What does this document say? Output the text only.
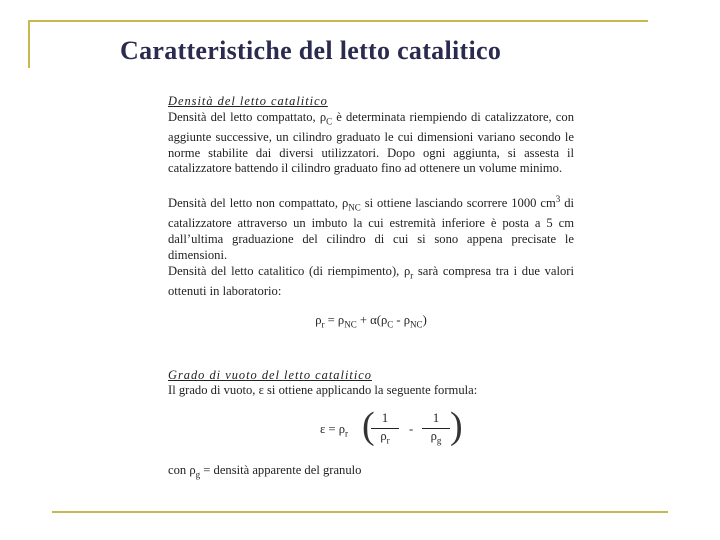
Caratteristiche del letto catalitico
Densità del letto catalitico
Densità del letto compattato, $\rho_C$ è determinata riempiendo di catalizzatore, con aggiunte successive, un cilindro graduato le cui dimensioni variano secondo le norme stabilite dai diversi utilizzatori. Dopo ogni aggiunta, si assesta il catalizzatore battendo il cilindro graduato fino ad ottenere un volume minimo.
Densità del letto non compattato, $\rho_{NC}$ si ottiene lasciando scorrere 1000 $cm^3$ di catalizzatore attraverso un imbuto la cui estremità inferiore è posta a 5 cm dall’ultima graduazione del cilindro di cui si sono appena precisate le dimensioni.
Densità del letto catalitico (di riempimento), $\rho_r$ sarà compresa tra i due valori ottenuti in laboratorio:
$\rho_r = \rho_{NC} + \alpha(\rho_C - \rho_{NC})$
Grado di vuoto del letto catalitico
Il grado di vuoto, ε si ottiene applicando la seguente formula:
$\varepsilon = \rho_r$ (
$\frac{1}{\rho_r} - \frac{1}{\rho_g}$ )
con $\rho_g$ = densità apparente del granulo
